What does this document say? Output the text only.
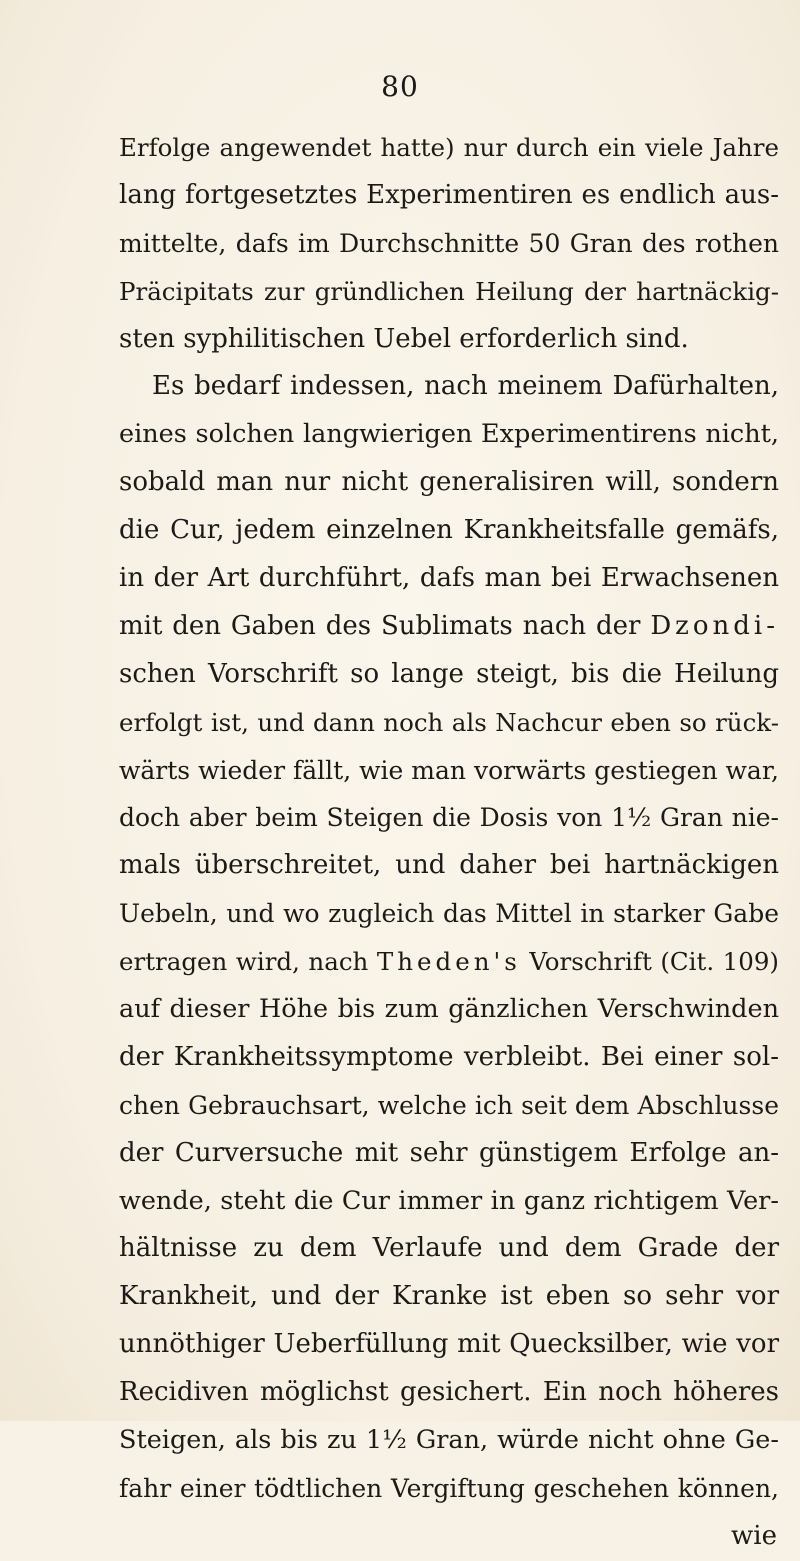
80
Erfolge angewendet hatte) nur durch ein viele Jahre
lang fortgesetztes Experimentiren es endlich aus-
mittelte, dafs im Durchschnitte 50 Gran des rothen
Präcipitats zur gründlichen Heilung der hartnäckig-
sten syphilitischen Uebel erforderlich sind.
Es bedarf indessen, nach meinem Dafürhalten,
eines solchen langwierigen Experimentirens nicht,
sobald man nur nicht generalisiren will, sondern
die Cur, jedem einzelnen Krankheitsfalle gemäfs,
in der Art durchführt, dafs man bei Erwachsenen
mit den Gaben des Sublimats nach der Dzondi-
schen Vorschrift so lange steigt, bis die Heilung
erfolgt ist, und dann noch als Nachcur eben so rück-
wärts wieder fällt, wie man vorwärts gestiegen war,
doch aber beim Steigen die Dosis von 1½ Gran nie-
mals überschreitet, und daher bei hartnäckigen
Uebeln, und wo zugleich das Mittel in starker Gabe
ertragen wird, nach Theden's Vorschrift (Cit. 109)
auf dieser Höhe bis zum gänzlichen Verschwinden
der Krankheitssymptome verbleibt. Bei einer sol-
chen Gebrauchsart, welche ich seit dem Abschlusse
der Curversuche mit sehr günstigem Erfolge an-
wende, steht die Cur immer in ganz richtigem Ver-
hältnisse zu dem Verlaufe und dem Grade der
Krankheit, und der Kranke ist eben so sehr vor
unnöthiger Ueberfüllung mit Quecksilber, wie vor
Recidiven möglichst gesichert. Ein noch höheres
Steigen, als bis zu 1½ Gran, würde nicht ohne Ge-
fahr einer tödtlichen Vergiftung geschehen können,
wie
